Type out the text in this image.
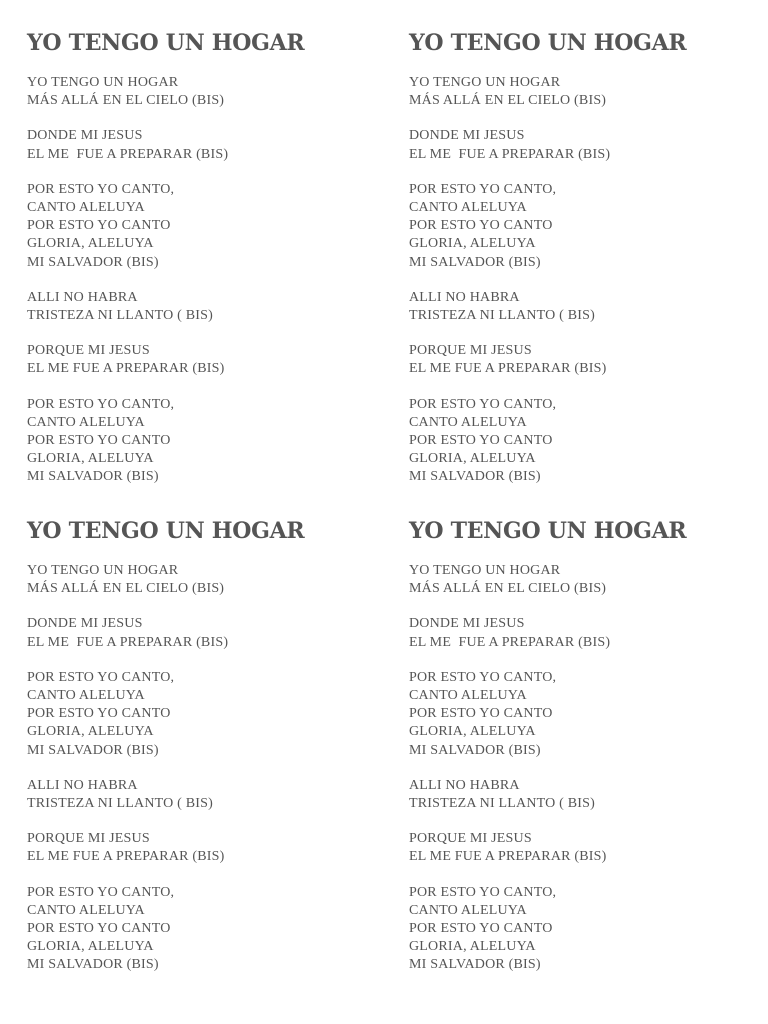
YO TENGO UN HOGAR
YO TENGO UN HOGAR
MÁS ALLÁ EN EL CIELO (BIS)
DONDE MI JESUS
EL ME  FUE A PREPARAR (BIS)
POR ESTO YO CANTO,
CANTO ALELUYA
POR ESTO YO CANTO
GLORIA, ALELUYA
MI SALVADOR (BIS)
ALLI NO HABRA
TRISTEZA NI LLANTO ( BIS)
PORQUE MI JESUS
EL ME FUE A PREPARAR (BIS)
POR ESTO YO CANTO,
CANTO ALELUYA
POR ESTO YO CANTO
GLORIA, ALELUYA
MI SALVADOR (BIS)
YO TENGO UN HOGAR
YO TENGO UN HOGAR
MÁS ALLÁ EN EL CIELO (BIS)
DONDE MI JESUS
EL ME  FUE A PREPARAR (BIS)
POR ESTO YO CANTO,
CANTO ALELUYA
POR ESTO YO CANTO
GLORIA, ALELUYA
MI SALVADOR (BIS)
ALLI NO HABRA
TRISTEZA NI LLANTO ( BIS)
PORQUE MI JESUS
EL ME FUE A PREPARAR (BIS)
POR ESTO YO CANTO,
CANTO ALELUYA
POR ESTO YO CANTO
GLORIA, ALELUYA
MI SALVADOR (BIS)
YO TENGO UN HOGAR
YO TENGO UN HOGAR
MÁS ALLÁ EN EL CIELO (BIS)
DONDE MI JESUS
EL ME  FUE A PREPARAR (BIS)
POR ESTO YO CANTO,
CANTO ALELUYA
POR ESTO YO CANTO
GLORIA, ALELUYA
MI SALVADOR (BIS)
ALLI NO HABRA
TRISTEZA NI LLANTO ( BIS)
PORQUE MI JESUS
EL ME FUE A PREPARAR (BIS)
POR ESTO YO CANTO,
CANTO ALELUYA
POR ESTO YO CANTO
GLORIA, ALELUYA
MI SALVADOR (BIS)
YO TENGO UN HOGAR
YO TENGO UN HOGAR
MÁS ALLÁ EN EL CIELO (BIS)
DONDE MI JESUS
EL ME  FUE A PREPARAR (BIS)
POR ESTO YO CANTO,
CANTO ALELUYA
POR ESTO YO CANTO
GLORIA, ALELUYA
MI SALVADOR (BIS)
ALLI NO HABRA
TRISTEZA NI LLANTO ( BIS)
PORQUE MI JESUS
EL ME FUE A PREPARAR (BIS)
POR ESTO YO CANTO,
CANTO ALELUYA
POR ESTO YO CANTO
GLORIA, ALELUYA
MI SALVADOR (BIS)
